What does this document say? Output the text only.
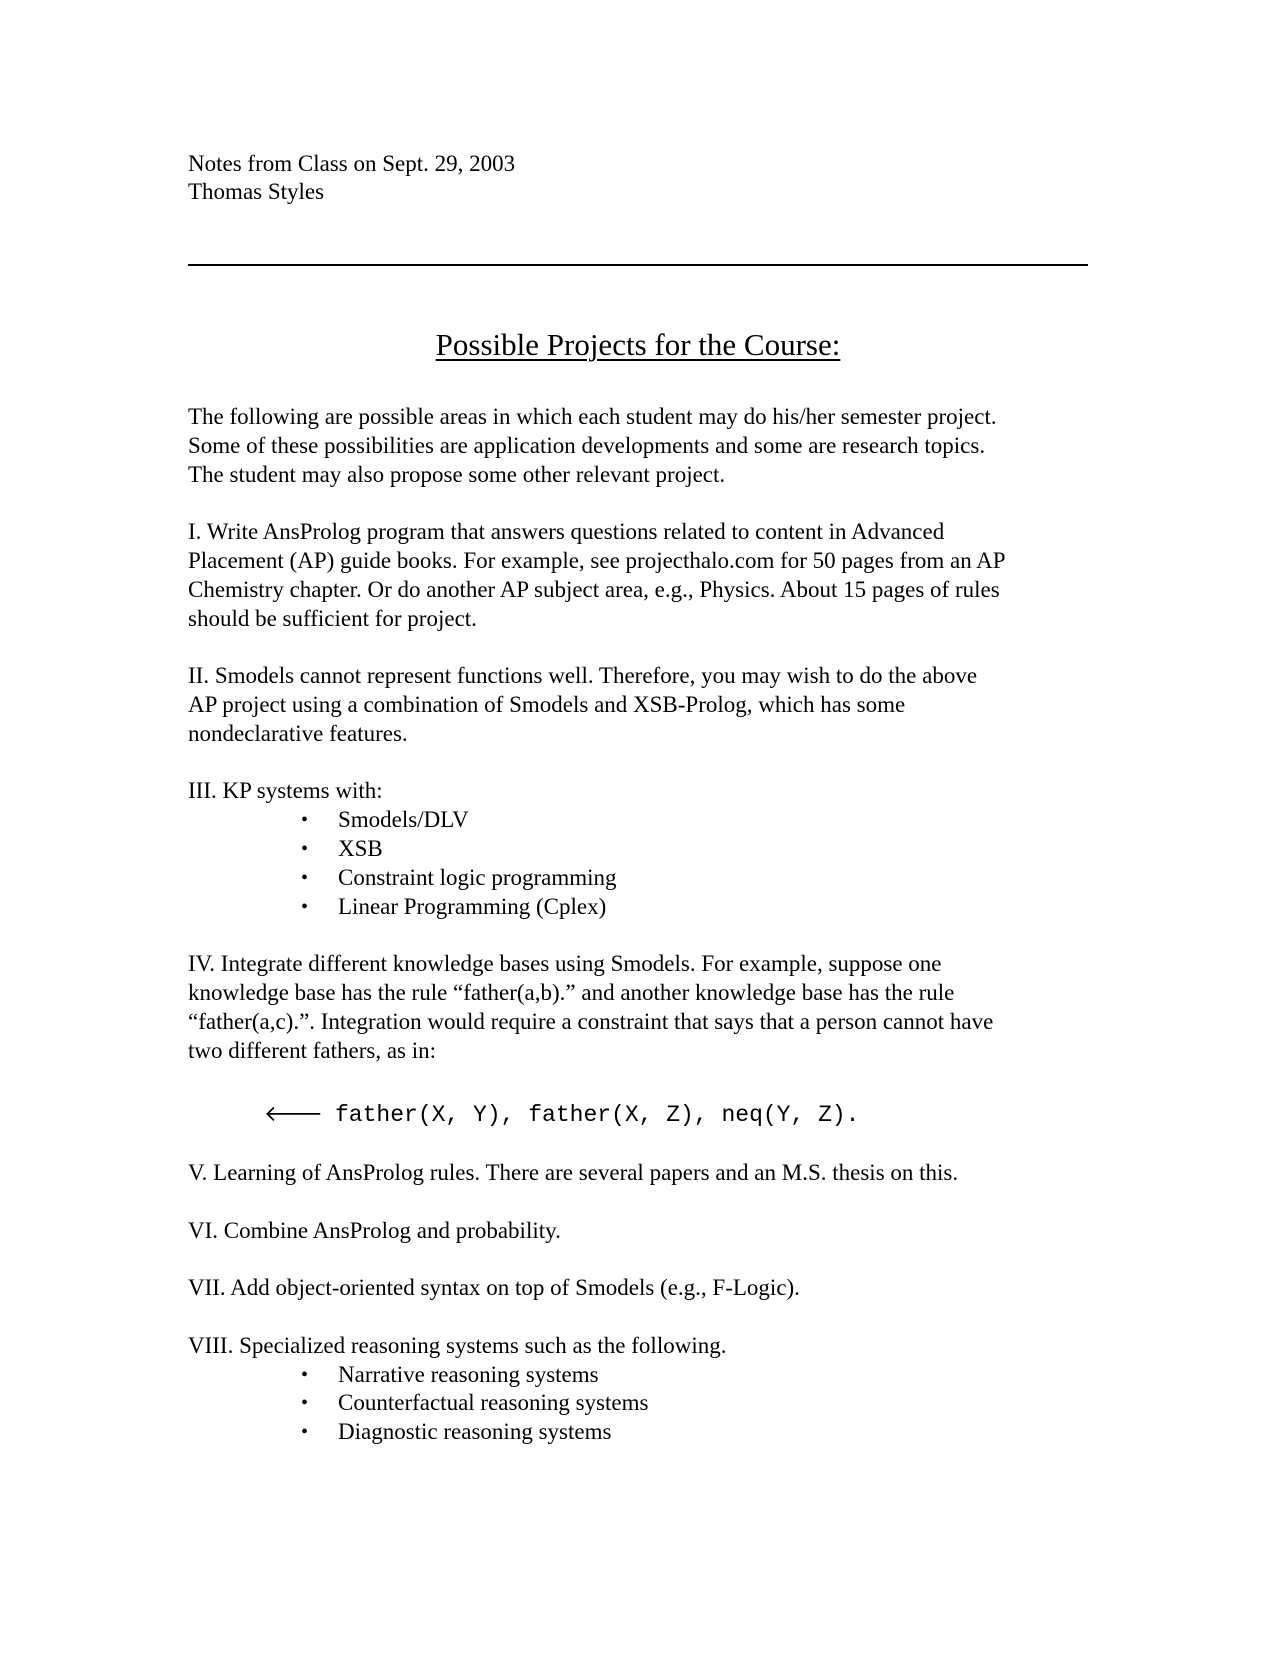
Notes from Class on Sept. 29, 2003
Thomas Styles
Possible Projects for the Course:
The following are possible areas in which each student may do his/her semester project.
Some of these possibilities are application developments and some are research topics.
The student may also propose some other relevant project.
I. Write AnsProlog program that answers questions related to content in Advanced
Placement (AP) guide books. For example, see projecthalo.com for 50 pages from an AP
Chemistry chapter. Or do another AP subject area, e.g., Physics. About 15 pages of rules
should be sufficient for project.
II. Smodels cannot represent functions well. Therefore, you may wish to do the above
AP project using a combination of Smodels and XSB-Prolog, which has some
nondeclarative features.
III. KP systems with:
• Smodels/DLV
• XSB
• Constraint logic programming
• Linear Programming (Cplex)
IV. Integrate different knowledge bases using Smodels. For example, suppose one
knowledge base has the rule “father(a,b).” and another knowledge base has the rule
“father(a,c).”. Integration would require a constraint that says that a person cannot have
two different fathers, as in:
🡐 father(X, Y), father(X, Z), neq(Y, Z).
V. Learning of AnsProlog rules. There are several papers and an M.S. thesis on this.
VI. Combine AnsProlog and probability.
VII. Add object-oriented syntax on top of Smodels (e.g., F-Logic).
VIII. Specialized reasoning systems such as the following.
• Narrative reasoning systems
• Counterfactual reasoning systems
• Diagnostic reasoning systems
